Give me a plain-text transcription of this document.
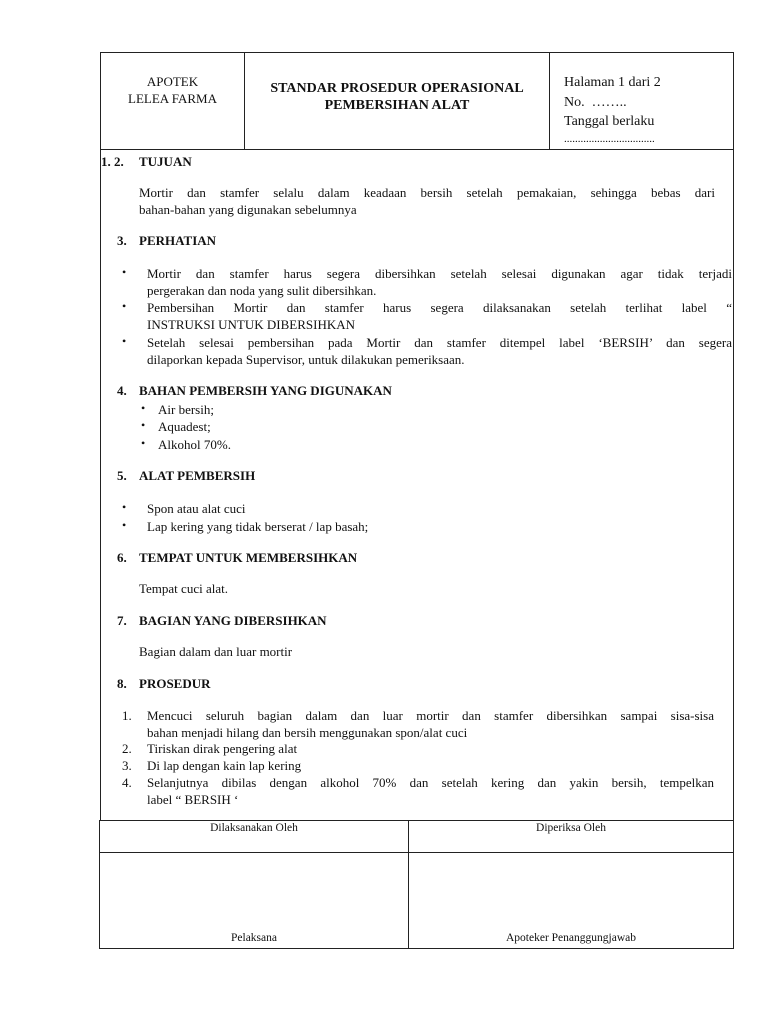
APOTEK
LELEA FARMA
STANDAR PROSEDUR OPERASIONAL
PEMBERSIHAN ALAT
Halaman 1 dari 2
No. ……..
Tanggal berlaku
.................................
1. 2. TUJUAN
Mortir dan stamfer selalu dalam keadaan bersih setelah pemakaian, sehingga bebas dari
bahan-bahan yang digunakan sebelumnya
3. PERHATIAN
• Mortir dan stamfer harus segera dibersihkan setelah selesai digunakan agar tidak terjadi
pergerakan dan noda yang sulit dibersihkan.
• Pembersihan Mortir dan stamfer harus segera dilaksanakan setelah terlihat label “
INSTRUKSI UNTUK DIBERSIHKAN
• Setelah selesai pembersihan pada Mortir dan stamfer ditempel label ‘BERSIH’ dan segera
dilaporkan kepada Supervisor, untuk dilakukan pemeriksaan.
4. BAHAN PEMBERSIH YANG DIGUNAKAN
• Air bersih;
• Aquadest;
• Alkohol 70%.
5. ALAT PEMBERSIH
• Spon atau alat cuci
• Lap kering yang tidak berserat / lap basah;
6. TEMPAT UNTUK MEMBERSIHKAN
Tempat cuci alat.
7. BAGIAN YANG DIBERSIHKAN
Bagian dalam dan luar mortir
8. PROSEDUR
1. Mencuci seluruh bagian dalam dan luar mortir dan stamfer dibersihkan sampai sisa-sisa
bahan menjadi hilang dan bersih menggunakan spon/alat cuci
2. Tiriskan dirak pengering alat
3. Di lap dengan kain lap kering
4. Selanjutnya dibilas dengan alkohol 70% dan setelah kering dan yakin bersih, tempelkan
label “ BERSIH ‘
Dilaksanakan Oleh	Diperiksa Oleh
Pelaksana	Apoteker Penanggungjawab
